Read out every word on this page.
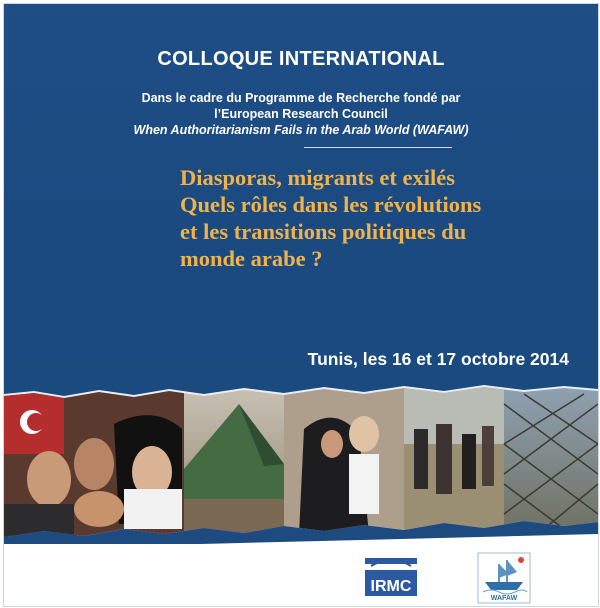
COLLOQUE INTERNATIONAL
Dans le cadre du Programme de Recherche fondé par
l’European Research Council
When Authoritarianism Fails in the Arab World (WAFAW)
Diasporas, migrants et exilés
Quels rôles dans les révolutions
et les transitions politiques du
monde arabe ?
Tunis, les 16 et 17 octobre 2014
IRMC
WAFAW
